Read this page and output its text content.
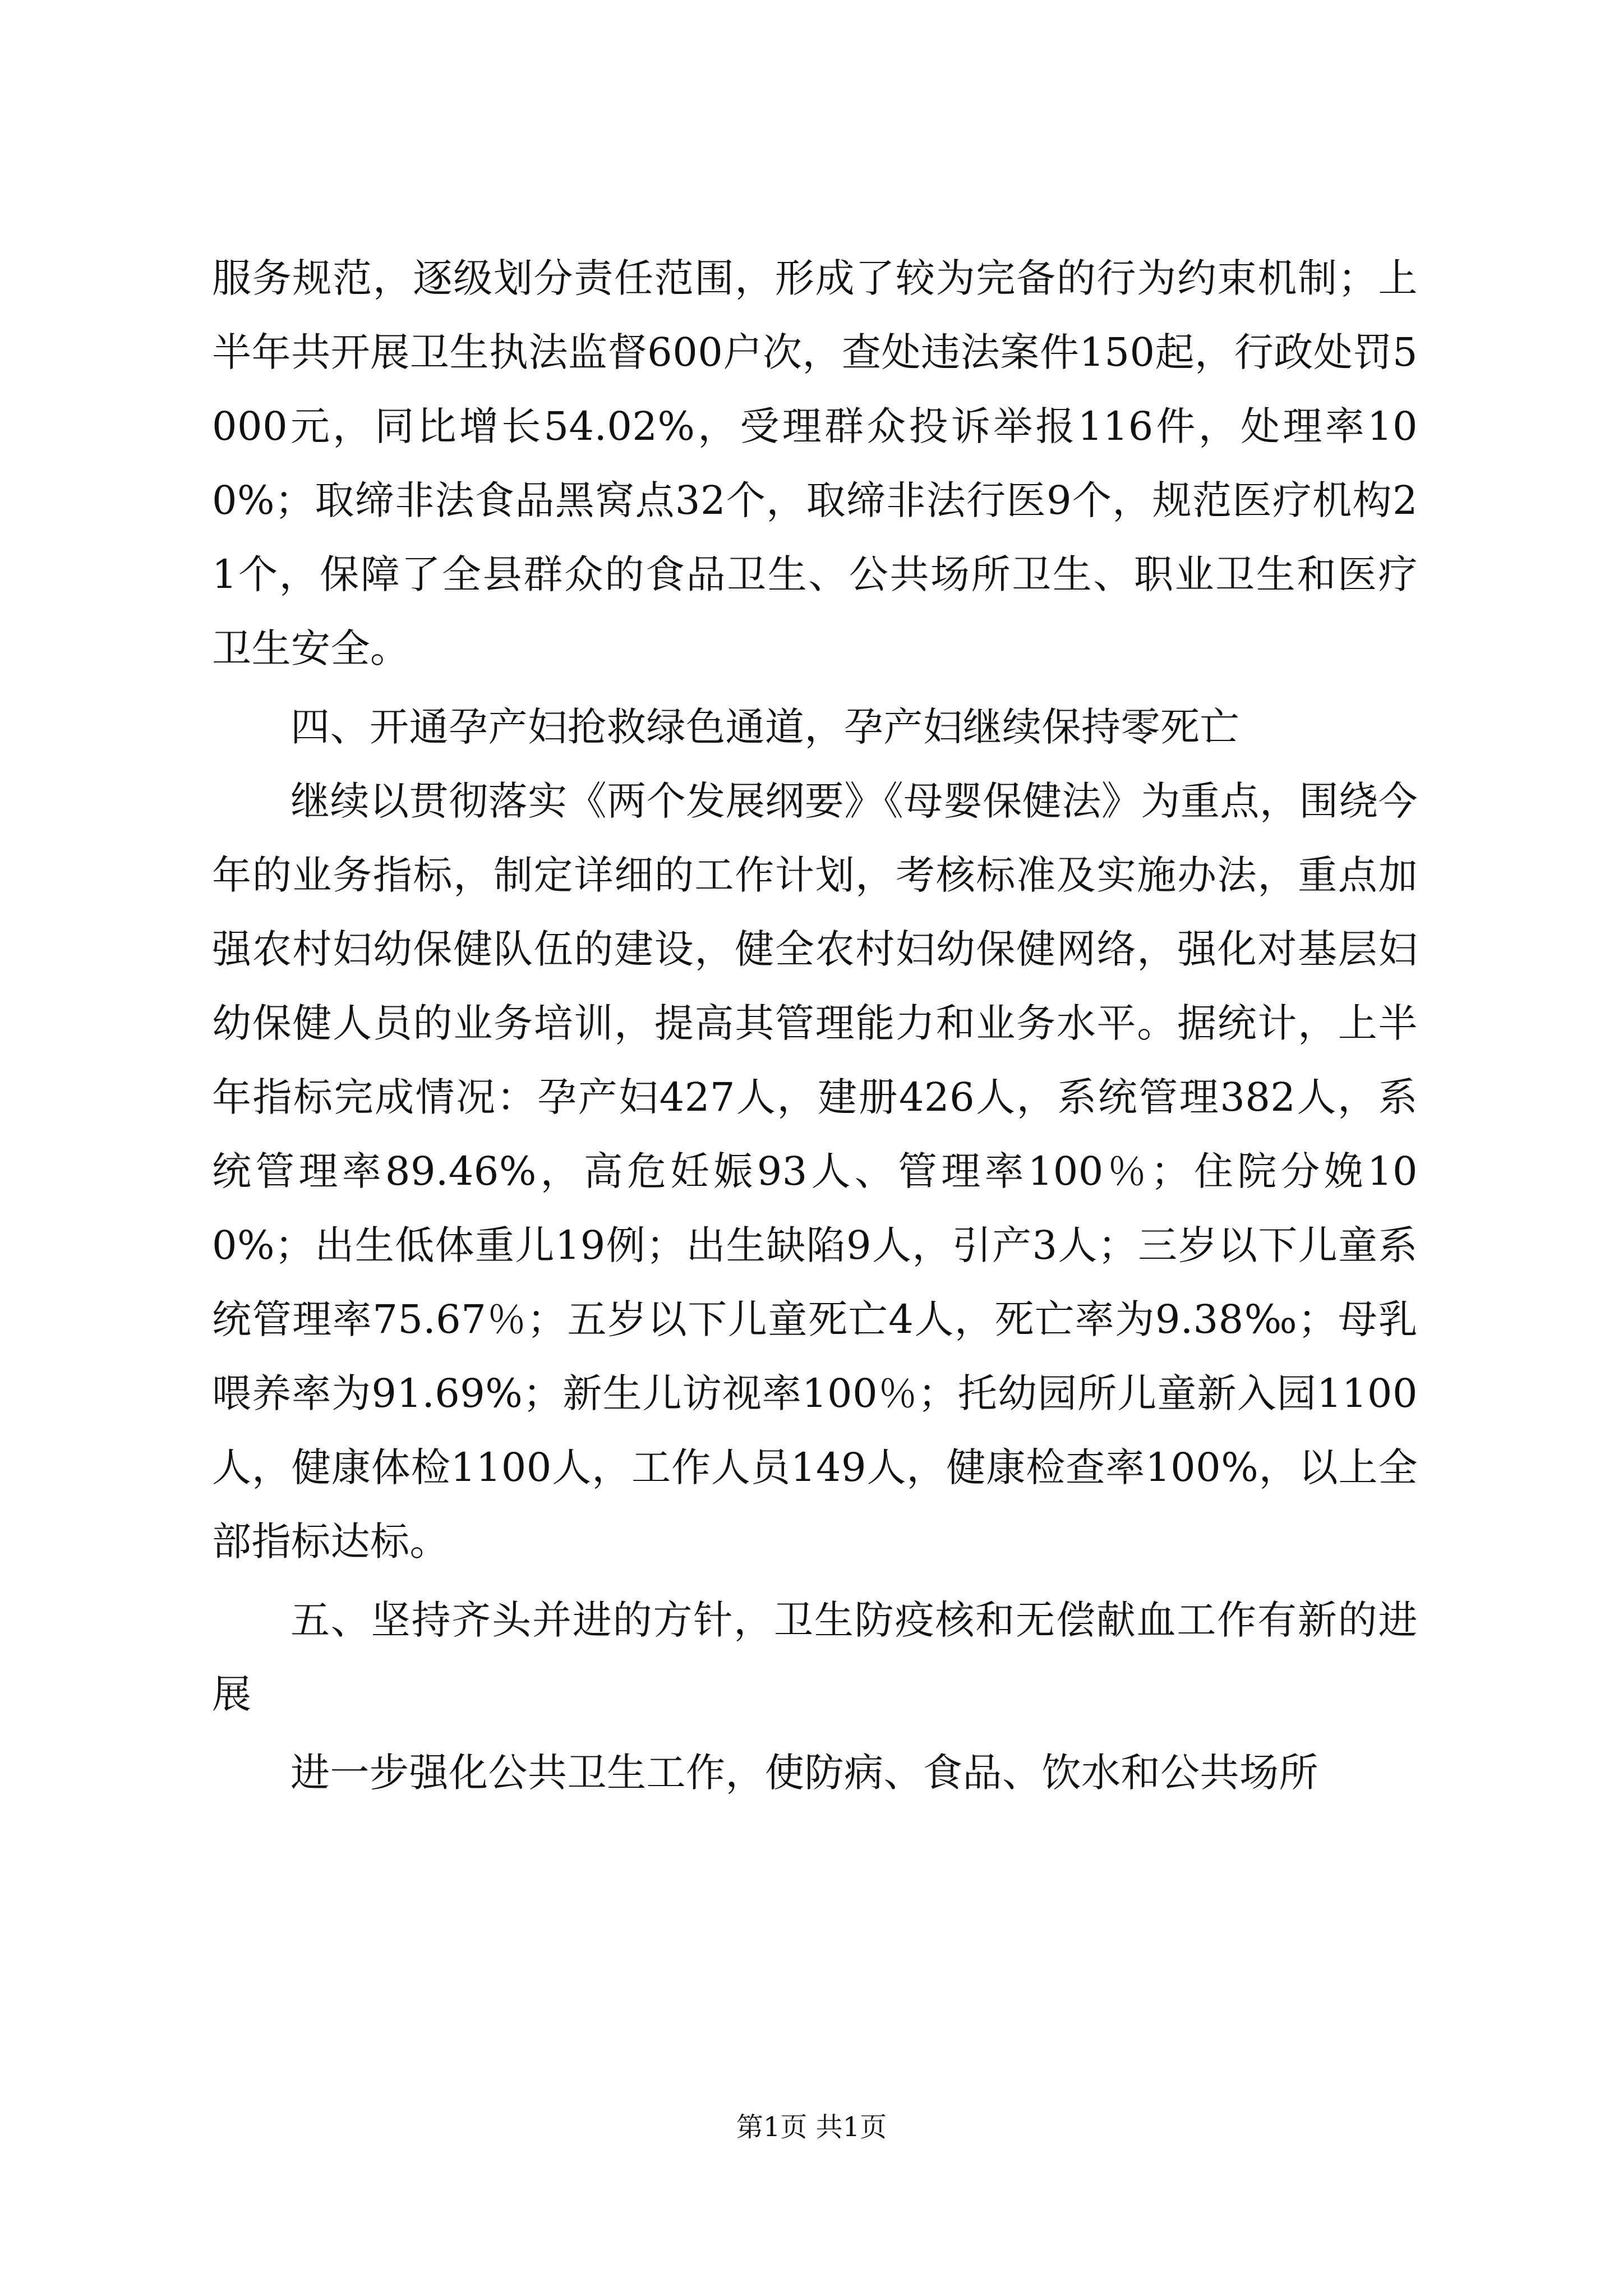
服务规范，逐级划分责任范围，形成了较为完备的行为约束机制；上半年共开展卫生执法监督600户次，查处违法案件150起，行政处罚5000元，同比增长54.02%，受理群众投诉举报116件，处理率100%；取缔非法食品黑窝点32个，取缔非法行医9个，规范医疗机构21个，保障了全县群众的食品卫生、公共场所卫生、职业卫生和医疗卫生安全。

四、开通孕产妇抢救绿色通道，孕产妇继续保持零死亡

继续以贯彻落实《两个发展纲要》《母婴保健法》为重点，围绕今年的业务指标，制定详细的工作计划，考核标准及实施办法，重点加强农村妇幼保健队伍的建设，健全农村妇幼保健网络，强化对基层妇幼保健人员的业务培训，提高其管理能力和业务水平。据统计，上半年指标完成情况：孕产妇427人，建册426人，系统管理382人，系统管理率89.46%，高危妊娠93人、管理率100％；住院分娩100%；出生低体重儿19例；出生缺陷9人，引产3人；三岁以下儿童系统管理率75.67％；五岁以下儿童死亡4人，死亡率为9.38‰；母乳喂养率为91.69%；新生儿访视率100％；托幼园所儿童新入园1100人，健康体检1100人，工作人员149人，健康检查率100%，以上全部指标达标。

五、坚持齐头并进的方针，卫生防疫核和无偿献血工作有新的进展

进一步强化公共卫生工作，使防病、食品、饮水和公共场所

第1页 共1页
